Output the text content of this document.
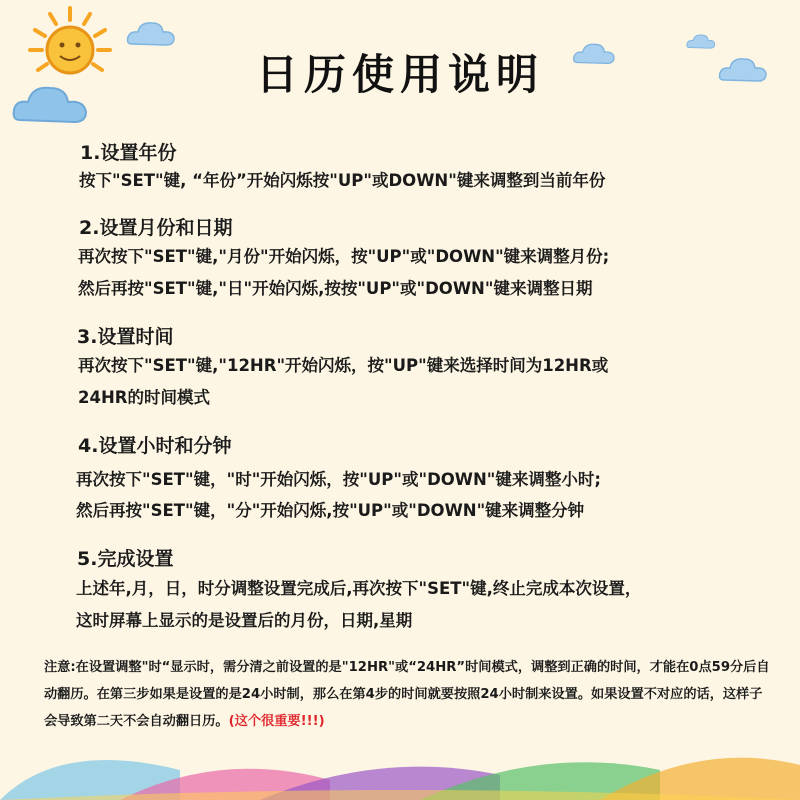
日历使用说明
1.设置年份
按下"SET"键, “年份”开始闪烁按"UP"或DOWN"键来调整到当前年份
2.设置月份和日期
再次按下"SET"键,"月份"开始闪烁，按"UP"或"DOWN"键来调整月份;
然后再按"SET"键,"日"开始闪烁,按按"UP"或"DOWN"键来调整日期
3.设置时间
再次按下"SET"键,"12HR"开始闪烁，按"UP"键来选择时间为12HR或
24HR的时间模式
4.设置小时和分钟
再次按下"SET"键，"时"开始闪烁，按"UP"或"DOWN"键来调整小时;
然后再按"SET"键，"分"开始闪烁,按"UP"或"DOWN"键来调整分钟
5.完成设置
上述年,月，日，时分调整设置完成后,再次按下"SET"键,终止完成本次设置，
这时屏幕上显示的是设置后的月份，日期,星期
注意:在设置调整"时“显示时，需分清之前设置的是"12HR"或“24HR”时间模式，调整到正确的时间，才能在0点59分后自动翻历。在第三步如果是设置的是24小时制，那么在第4步的时间就要按照24小时制来设置。如果设置不对应的话，这样子会导致第二天不会自动翻日历。(这个很重要!!!)
